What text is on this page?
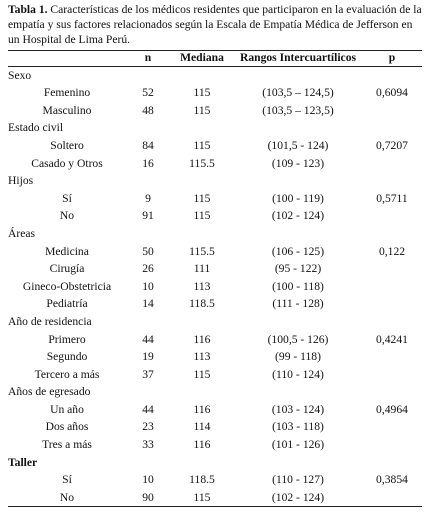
Tabla 1. Características de los médicos residentes que participaron en la evaluación de la empatía y sus factores relacionados según la Escala de Empatía Médica de Jefferson en un Hospital de Lima Perú.

	n	Mediana	Rangos Intercuartílicos	p
Sexo				
Femenino	52	115	(103,5 – 124,5)	0,6094
Masculino	48	115	(103,5 – 123,5)	
Estado civil				
Soltero	84	115	(101,5 - 124)	0,7207
Casado y Otros	16	115.5	(109 - 123)	
Hijos				
Sí	9	115	(100 - 119)	0,5711
No	91	115	(102 - 124)	
Áreas				
Medicina	50	115.5	(106 - 125)	0,122
Cirugía	26	111	(95 - 122)	
Gineco-Obstetricia	10	113	(100 - 118)	
Pediatría	14	118.5	(111 - 128)	
Año de residencia				
Primero	44	116	(100,5 - 126)	0,4241
Segundo	19	113	(99 - 118)	
Tercero a más	37	115	(110 - 124)	
Años de egresado				
Un año	44	116	(103 - 124)	0,4964
Dos años	23	114	(103 - 118)	
Tres a más	33	116	(101 - 126)	
Taller				
Sí	10	118.5	(110 - 127)	0,3854
No	90	115	(102 - 124)	
